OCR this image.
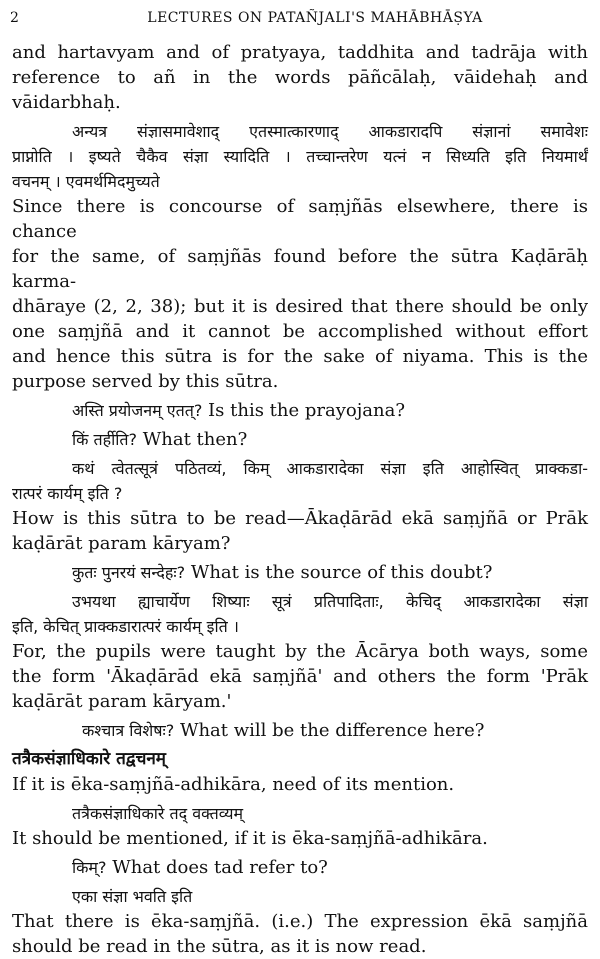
2	LECTURES ON PATAÑJALI'S MAHĀBHĀṢYA

and hartavyam and of pratyaya, taddhita and tadrāja with

reference to añ in the words pāñcālaḥ, vāidehaḥ and vāidarbhaḥ.

अन्यत्र संज्ञासमावेशाद् एतस्मात्कारणाद् आकडारादपि संज्ञानां समावेशः

प्राप्नोति । इष्यते चैकैव संज्ञा स्यादिति । तच्चान्तरेण यत्नं न सिध्यति इति नियमार्थं

वचनम् । एवमर्थमिदमुच्यते

Since there is concourse of saṃjñās elsewhere, there is chance

for the same, of saṃjñās found before the sūtra Kaḍārāḥ karma-

dhāraye (2, 2, 38); but it is desired that there should be only

one saṃjñā and it cannot be accomplished without effort

and hence this sūtra is for the sake of niyama. This is the

purpose served by this sūtra.

अस्ति प्रयोजनम् एतत्? Is this the prayojana?

किं तर्हीति? What then?

कथं त्वेतत्सूत्रं पठितव्यं, किम् आकडारादेका संज्ञा इति आहोस्वित् प्राक्कडा-

रात्परं कार्यम् इति ?

How is this sūtra to be read—Ākaḍārād ekā saṃjñā or Prāk

kaḍārāt param kāryam?

कुतः पुनरयं सन्देहः? What is the source of this doubt?

उभयथा ह्याचार्येण शिष्याः सूत्रं प्रतिपादिताः, केचिद् आकडारादेका संज्ञा

इति, केचित् प्राक्कडारात्परं कार्यम् इति ।

For, the pupils were taught by the Ācārya both ways, some

the form 'Ākaḍārād ekā saṃjñā' and others the form 'Prāk

kaḍārāt param kāryam.'

कश्चात्र विशेषः? What will be the difference here?

तत्रैकसंज्ञाधिकारे तद्वचनम्

If it is ēka-saṃjñā-adhikāra, need of its mention.

तत्रैकसंज्ञाधिकारे तद् वक्तव्यम्

It should be mentioned, if it is ēka-saṃjñā-adhikāra.

किम्? What does tad refer to?

एका संज्ञा भवति इति

That there is ēka-saṃjñā. (i.e.) The expression ēkā saṃjñā

should be read in the sūtra, as it is now read.
